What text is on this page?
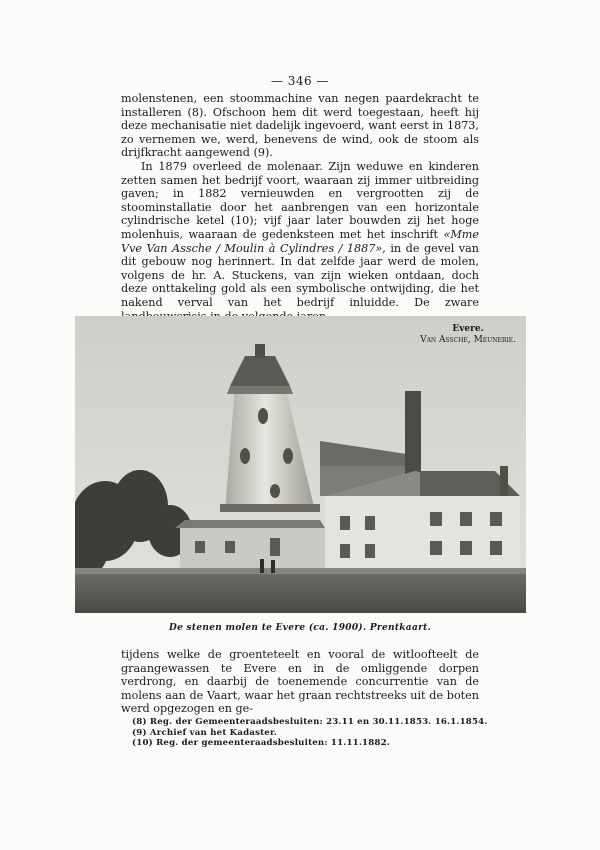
— 346 —

molenstenen, een stoommachine van negen paardekracht te installeren (8). Ofschoon hem dit werd toegestaan, heeft hij deze mechanisatie niet dadelijk ingevoerd, want eerst in 1873, zo vernemen we, werd, benevens de wind, ook de stoom als drijfkracht aangewend (9).

In 1879 overleed de molenaar. Zijn weduwe en kinderen zetten samen het bedrijf voort, waaraan zij immer uitbreiding gaven; in 1882 vernieuwden en vergrootten zij de stoominstallatie door het aanbrengen van een horizontale cylindrische ketel (10); vijf jaar later bouwden zij het hoge molenhuis, waaraan de gedenksteen met het inschrift «Mme Vve Van Assche / Moulin à Cylindres / 1887», in de gevel van dit gebouw nog herinnert. In dat zelfde jaar werd de molen, volgens de hr. A. Stuckens, van zijn wieken ontdaan, doch deze onttakeling gold als een symbolische ontwijding, die het nakend verval van het bedrijf inluidde. De zware

Evere.
Van Assche, Meunerie.
De stenen molen te Evere (ca. 1900). Prentkaart.

tijdens welke de groenteteelt en vooral de witloofteelt de graangewassen te Evere en in de omliggende dorpen verdrong, en daarbij de toenemende concurrentie van de molens aan de Vaart, waar het graan rechtstreeks uit de boten werd opgezogen en ge-

(8) Reg. der Gemeenteraadsbesluiten: 23.11 en 30.11.1853. 16.1.1854.
(9) Archief van het Kadaster.
(10) Reg. der gemeenteraadsbesluiten: 11.11.1882.
